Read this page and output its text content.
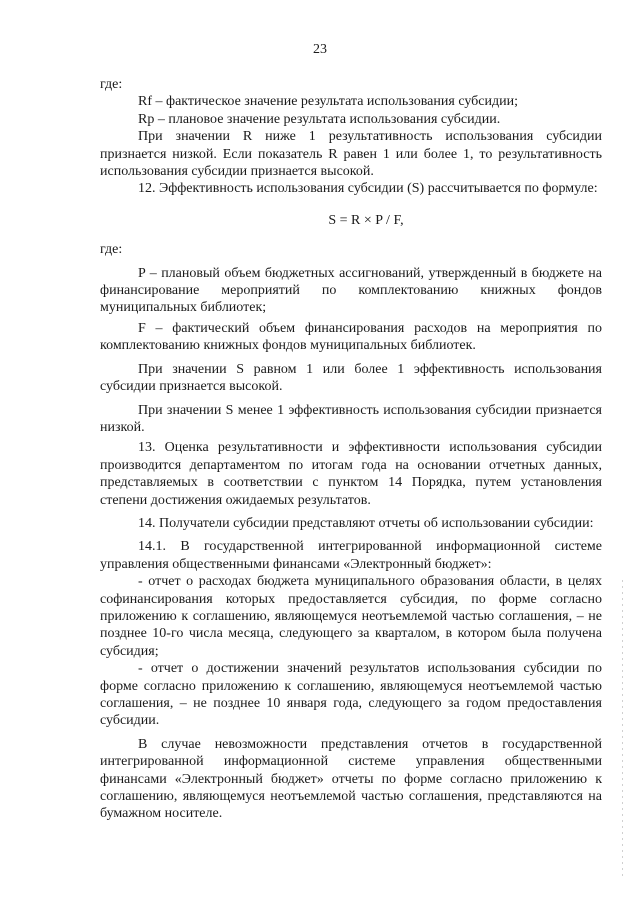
23

где:

Rf – фактическое значение результата использования субсидии;

Rp – плановое значение результата использования субсидии.

При значении R ниже 1 результативность использования субсидии признается низкой. Если показатель R равен 1 или более 1, то результативность использования субсидии признается высокой.

12. Эффективность использования субсидии (S) рассчитывается по формуле:

S = R × P / F,

где:

P – плановый объем бюджетных ассигнований, утвержденный в бюджете на финансирование мероприятий по комплектованию книжных фондов муниципальных библиотек;

F – фактический объем финансирования расходов на мероприятия по комплектованию книжных фондов муниципальных библиотек.

При значении S равном 1 или более 1 эффективность использования субсидии признается высокой.

При значении S менее 1 эффективность использования субсидии признается низкой.

13. Оценка результативности и эффективности использования субсидии производится департаментом по итогам года на основании отчетных данных, представляемых в соответствии с пунктом 14 Порядка, путем установления степени достижения ожидаемых результатов.

14. Получатели субсидии представляют отчеты об использовании субсидии:

14.1. В государственной интегрированной информационной системе управления общественными финансами «Электронный бюджет»:

- отчет о расходах бюджета муниципального образования области, в целях софинансирования которых предоставляется субсидия, по форме согласно приложению к соглашению, являющемуся неотъемлемой частью соглашения, – не позднее 10-го числа месяца, следующего за кварталом, в котором была получена субсидия;

- отчет о достижении значений результатов использования субсидии по форме согласно приложению к соглашению, являющемуся неотъемлемой частью соглашения, – не позднее 10 января года, следующего за годом предоставления субсидии.

В случае невозможности представления отчетов в государственной интегрированной информационной системе управления общественными финансами «Электронный бюджет» отчеты по форме согласно приложению к соглашению, являющемуся неотъемлемой частью соглашения, представляются на бумажном носителе.
